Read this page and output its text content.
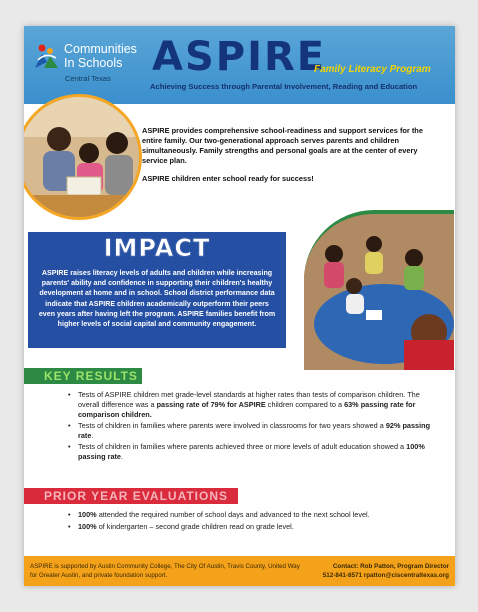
Communities
In Schools
Central Texas ASPIRE
Family Literacy Program
Achieving Success through Parental Involvement, Reading and Education

ASPIRE provides comprehensive school-readiness and support services for the entire family. Our two-generational approach serves parents and children simultaneously. Family strengths and personal goals are at the center of every service plan.

ASPIRE children enter school ready for success!

IMPACT
ASPIRE raises literacy levels of adults and children while increasing parents' ability and confidence in supporting their children's healthy development at home and in school. School district performance data indicate that ASPIRE children academically outperform their peers even years after having left the program. ASPIRE families benefit from higher levels of social capital and community engagement.
KEY RESULTS
• Tests of ASPIRE children met grade-level standards at higher rates than tests of comparison children. The overall difference was a passing rate of 79% for ASPIRE children compared to a 63% passing rate for comparison children.
• Tests of children in families where parents were involved in classrooms for two years showed a 92% passing rate.
• Tests of children in families where parents achieved three or more levels of adult education showed a 100% passing rate.
PRIOR YEAR EVALUATIONS
• 100% attended the required number of school days and advanced to the next school level.
• 100% of kindergarten – second grade children read on grade level.
ASPIRE is supported by Austin Community College, The City Of Austin, Travis County, United Way for Greater Austin, and private foundation support.
Contact: Rob Patton, Program Director
512-841-8571 rpatton@ciscentraltexas.org
